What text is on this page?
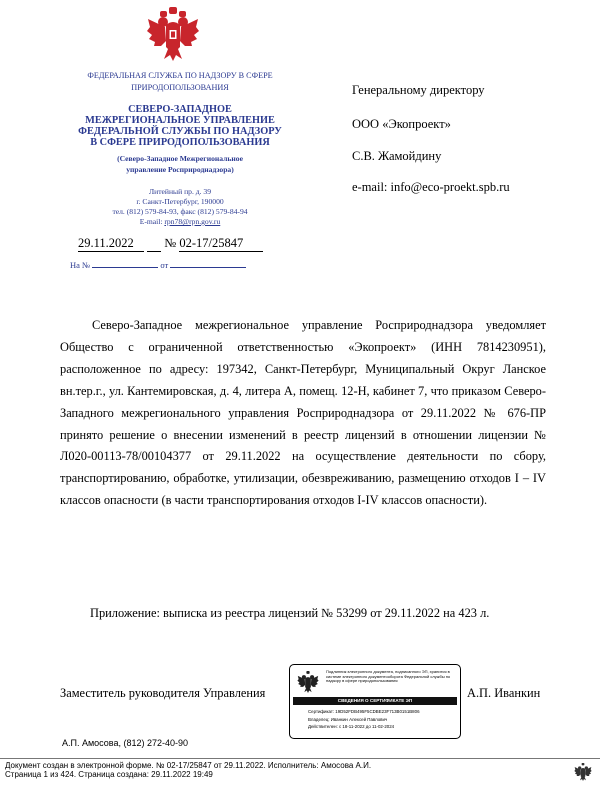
ФЕДЕРАЛЬНАЯ СЛУЖБА ПО НАДЗОРУ В СФЕРЕ
ПРИРОДОПОЛЬЗОВАНИЯ
СЕВЕРО-ЗАПАДНОЕ
МЕЖРЕГИОНАЛЬНОЕ УПРАВЛЕНИЕ
ФЕДЕРАЛЬНОЙ СЛУЖБЫ ПО НАДЗОРУ
В СФЕРЕ ПРИРОДОПОЛЬЗОВАНИЯ
(Северо-Западное Межрегиональное
управление Росприроднадзора)
Литейный пр. д. 39
г. Санкт-Петербург, 190000
тел. (812) 579-84-93, факс (812) 579-84-94
E-mail: rpn78@rpn.gov.ru
29.11.2022 № 02-17/25847
На №	от
Генеральному директору
ООО «Экопроект»
С.В. Жамойдину
e-mail: info@eco-proekt.spb.ru
Северо-Западное межрегиональное управление Росприроднадзора уведомляет Общество с ограниченной ответственностью «Экопроект» (ИНН 7814230951), расположенное по адресу: 197342, Санкт-Петербург, Муниципальный Округ Ланское вн.тер.г., ул. Кантемировская, д. 4, литера А, помещ. 12-Н, кабинет 7, что приказом Северо-Западного межрегионального управления Росприроднадзора от 29.11.2022 № 676-ПР принято решение о внесении изменений в реестр лицензий в отношении лицензии № Л020-00113-78/00104377 от 29.11.2022 на осуществление деятельности по сбору, транспортированию, обработке, утилизации, обезвреживанию, размещению отходов I – IV классов опасности (в части транспортирования отходов I-IV классов опасности).
Приложение: выписка из реестра лицензий № 53299 от 29.11.2022 на 423 л.
Заместитель руководителя Управления
Подлинник электронного документа, подписанного ЭП, хранится в системе электронного документооборота Федеральной службы по надзору в сфере природопользования
СВЕДЕНИЯ О СЕРТИФИКАТЕ ЭП
Сертификат: 19D52FDB495F5CDBE23F713B0151B806
Владелец: Иванкин Алексей Павлович
Действителен: с 18-11-2022 до 11-02-2024
А.П. Иванкин
А.П. Амосова, (812) 272-40-90
Документ создан в электронной форме. № 02-17/25847 от 29.11.2022. Исполнитель: Амосова А.И.
Страница 1 из 424. Страница создана: 29.11.2022 19:49
